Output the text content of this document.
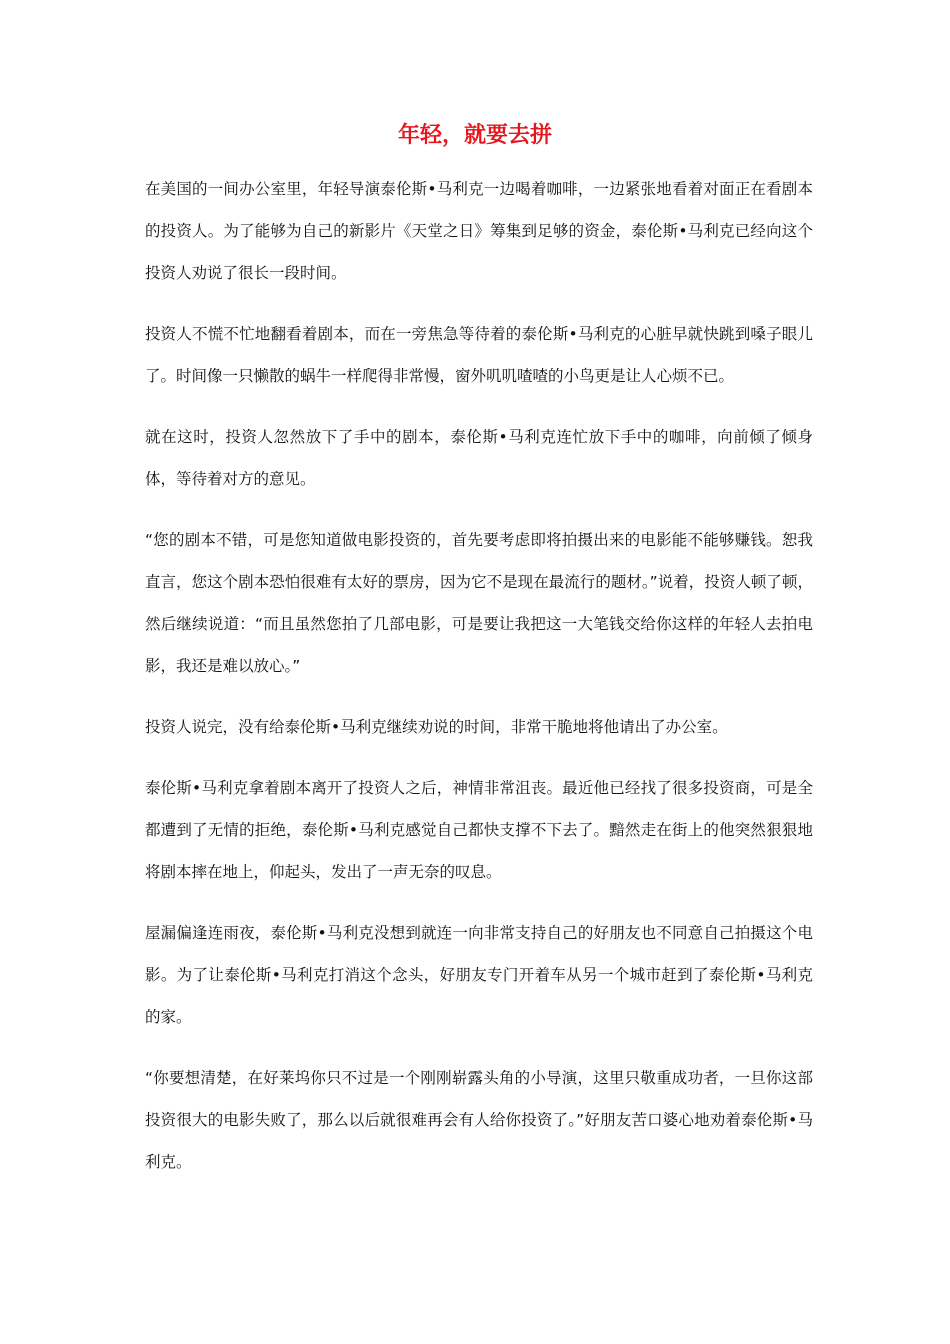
年轻，就要去拼

在美国的一间办公室里，年轻导演泰伦斯•马利克一边喝着咖啡，一边紧张地看着对面正在看剧本的投资人。为了能够为自己的新影片《天堂之日》筹集到足够的资金，泰伦斯•马利克已经向这个投资人劝说了很长一段时间。

投资人不慌不忙地翻看着剧本，而在一旁焦急等待着的泰伦斯•马利克的心脏早就快跳到嗓子眼儿了。时间像一只懒散的蜗牛一样爬得非常慢，窗外叽叽喳喳的小鸟更是让人心烦不已。

就在这时，投资人忽然放下了手中的剧本，泰伦斯•马利克连忙放下手中的咖啡，向前倾了倾身体，等待着对方的意见。

“您的剧本不错，可是您知道做电影投资的，首先要考虑即将拍摄出来的电影能不能够赚钱。恕我直言，您这个剧本恐怕很难有太好的票房，因为它不是现在最流行的题材。”说着，投资人顿了顿，然后继续说道：“而且虽然您拍了几部电影，可是要让我把这一大笔钱交给你这样的年轻人去拍电影，我还是难以放心。”

投资人说完，没有给泰伦斯•马利克继续劝说的时间，非常干脆地将他请出了办公室。

泰伦斯•马利克拿着剧本离开了投资人之后，神情非常沮丧。最近他已经找了很多投资商，可是全都遭到了无情的拒绝，泰伦斯•马利克感觉自己都快支撑不下去了。黯然走在街上的他突然狠狠地将剧本摔在地上，仰起头，发出了一声无奈的叹息。

屋漏偏逢连雨夜，泰伦斯•马利克没想到就连一向非常支持自己的好朋友也不同意自己拍摄这个电影。为了让泰伦斯•马利克打消这个念头，好朋友专门开着车从另一个城市赶到了泰伦斯•马利克的家。

“你要想清楚，在好莱坞你只不过是一个刚刚崭露头角的小导演，这里只敬重成功者，一旦你这部投资很大的电影失败了，那么以后就很难再会有人给你投资了。”好朋友苦口婆心地劝着泰伦斯•马利克。
